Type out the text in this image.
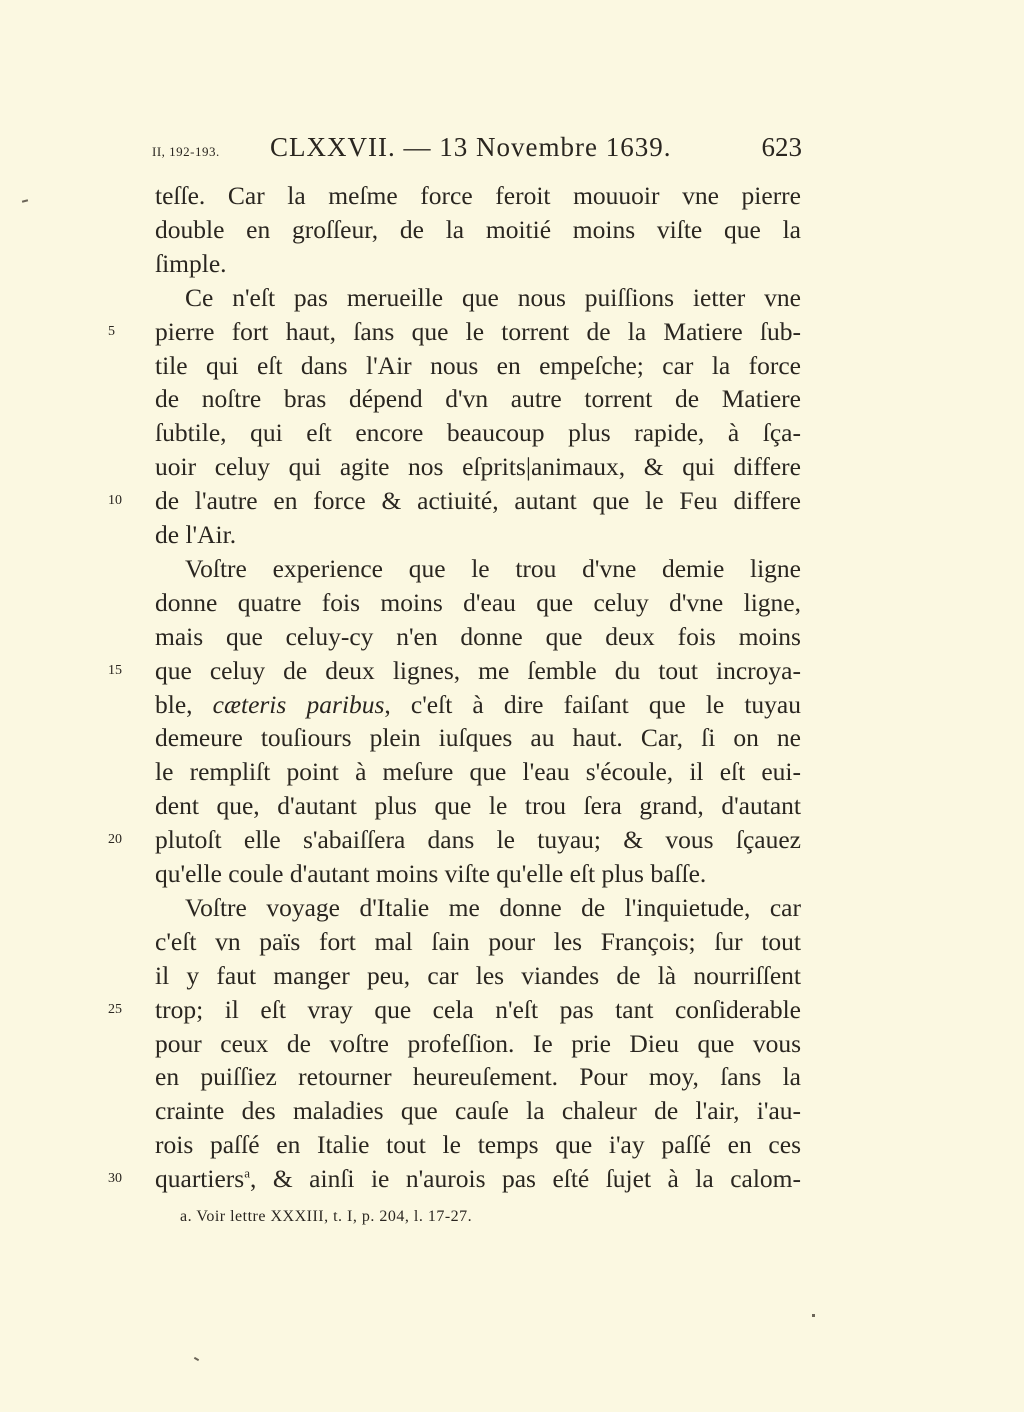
II, 192-193. CLXXVII. — 13 Novembre 1639.	623
teſſe. Car la meſme force feroit mouuoir vne pierre
double en groſſeur, de la moitié moins viſte que la
ſimple.
Ce n'eſt pas merueille que nous puiſſions ietter vne
pierre fort haut, ſans que le torrent de la Matiere ſub-
5
tile qui eſt dans l'Air nous en empeſche; car la force
de noſtre bras dépend d'vn autre torrent de Matiere
ſubtile, qui eſt encore beaucoup plus rapide, à ſça-
uoir celuy qui agite nos eſprits|animaux, & qui differe
de l'autre en force & actiuité, autant que le Feu differe
10
de l'Air.
Voſtre experience que le trou d'vne demie ligne
donne quatre fois moins d'eau que celuy d'vne ligne,
mais que celuy-cy n'en donne que deux fois moins
que celuy de deux lignes, me ſemble du tout incroya-
15
ble, cæteris paribus, c'eſt à dire faiſant que le tuyau
demeure touſiours plein iuſques au haut. Car, ſi on ne
le rempliſt point à meſure que l'eau s'écoule, il eſt eui-
dent que, d'autant plus que le trou ſera grand, d'autant
plutoſt elle s'abaiſſera dans le tuyau; & vous ſçauez
20
qu'elle coule d'autant moins viſte qu'elle eſt plus baſſe.
Voſtre voyage d'Italie me donne de l'inquietude, car
c'eſt vn païs fort mal ſain pour les François; ſur tout
il y faut manger peu, car les viandes de là nourriſſent
trop; il eſt vray que cela n'eſt pas tant conſiderable
25
pour ceux de voſtre profeſſion. Ie prie Dieu que vous
en puiſſiez retourner heureuſement. Pour moy, ſans la
crainte des maladies que cauſe la chaleur de l'air, i'au-
rois paſſé en Italie tout le temps que i'ay paſſé en ces
quartiers$^a$, & ainſi ie n'aurois pas eſté ſujet à la calom-
30
a. Voir lettre XXXIII, t. I, p. 204, l. 17-27.
